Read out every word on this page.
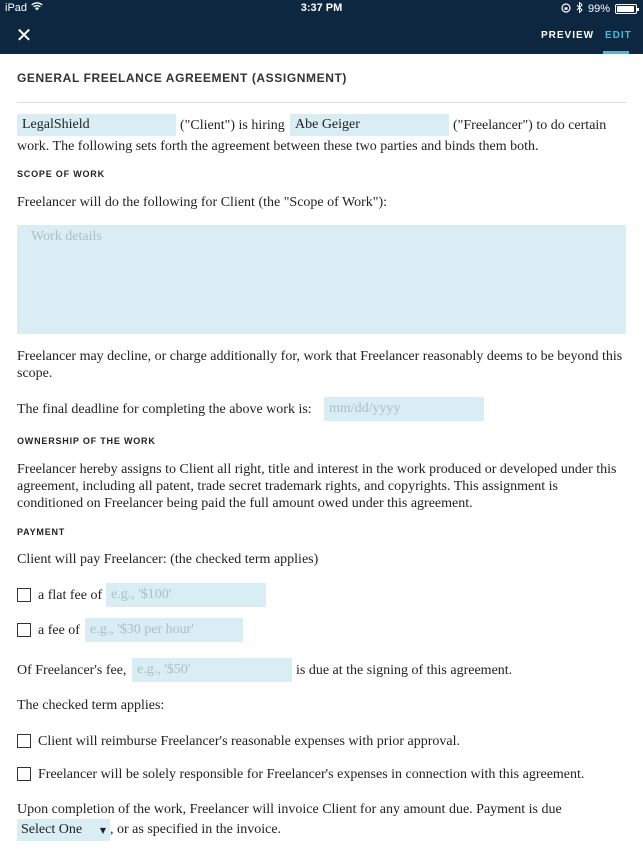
iPad	3:37 PM	99%
✕	PREVIEW EDIT
GENERAL FREELANCE AGREEMENT (ASSIGNMENT)
LegalShield
("Client") is hiring
Abe Geiger	("Freelancer") to do certain
work. The following sets forth the agreement between these two parties and binds them both.
SCOPE OF WORK
Freelancer will do the following for Client (the "Scope of Work"):
Work details
Freelancer may decline, or charge additionally for, work that Freelancer reasonably deems to be beyond this scope.
The final deadline for completing the above work is:
mm/dd/yyyy
OWNERSHIP OF THE WORK
Freelancer hereby assigns to Client all right, title and interest in the work produced or developed under this agreement, including all patent, trade secret trademark rights, and copyrights. This assignment is conditioned on Freelancer being paid the full amount owed under this agreement.
PAYMENT
Client will pay Freelancer: (the checked term applies)
a flat fee of
e.g., '$100'
a fee of
e.g., '$30 per hour'
Of Freelancer's fee,
e.g., '$50'	is due at the signing of this agreement.
The checked term applies:
Client will reimburse Freelancer's reasonable expenses with prior approval.
Freelancer will be solely responsible for Freelancer's expenses in connection with this agreement.
Upon completion of the work, Freelancer will invoice Client for any amount due. Payment is due
Select One ▼ , or as specified in the invoice.
